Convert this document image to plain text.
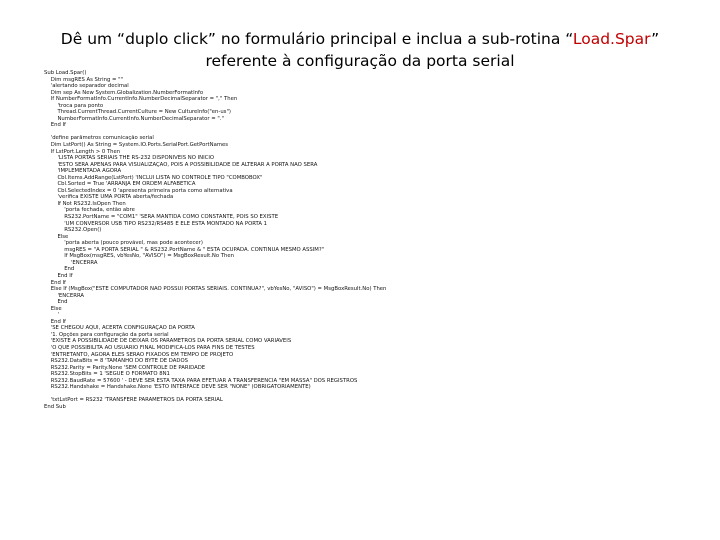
Dê um “duplo click” no formulário principal e inclua a sub-rotina “Load.Spar” referente à configuração da porta serial
Sub Load.Spar()
Dim msgRES As String = ""
'alertando separador decimal
Dim sep As New System.Globalization.NumberFormatInfo
If NumberFormatInfo.CurrentInfo.NumberDecimalSeparator = "," Then
'troca para ponto
Thread.CurrentThread.CurrentCulture = New CultureInfo("en-us")
NumberFormatInfo.CurrentInfo.NumberDecimalSeparator = "."
End If
'define parâmetros comunicação serial
Dim LstPort() As String = System.IO.Ports.SerialPort.GetPortNames
If LstPort.Length > 0 Then
'LISTA PORTAS SERIAIS THE RS-232 DISPONÍVEIS NO INÍCIO
'ESTO SERÁ APENAS PARA VISUALIZAÇÃO, POIS A POSSIBILIDADE DE ALTERAR A PORTA NÃO SERÁ
'IMPLEMENTADA AGORA
Cbl.Items.AddRange(LstPort) 'INCLUI LISTA NO CONTROLE TIPO "COMBOBOX"
Cbl.Sorted = True 'ARRANJA EM ORDEM ALFABÉTICA
Cbl.SelectedIndex = 0 'apresenta primeira porta como alternativa
'verifica EXISTE UMA PORTA aberta/fechada
If Not RS232.IsOpen Then
'porta fechada, então abre
RS232.PortName = "COM1" 'SERÁ MANTIDA COMO CONSTANTE, POIS SÓ EXISTE
'UM CONVERSOR USB TIPO RS232/RS485 E ELE ESTÁ MONTADO NA PORTA 1
RS232.Open()
Else
'porta aberta (pouco provável, mas pode acontecer)
msgRES = "A PORTA SERIAL " & RS232.PortName & " ESTÁ OCUPADA. CONTINUA MESMO ASSIM?"
If MsgBox(msgRES, vbYesNo, "AVISO") = MsgBoxResult.No Then
'ENCERRA
End
End If
End If
Else If (MsgBox("ESTE COMPUTADOR NÃO POSSUI PORTAS SERIAIS. CONTINUA?", vbYesNo, "AVISO") = MsgBoxResult.No) Then
'ENCERRA
End
Else
'
End If
'SE CHEGOU AQUI, ACERTA CONFIGURAÇÃO DA PORTA
'1. Opções para configuração da porta serial
'EXISTE A POSSIBILIDADE DE DEIXAR OS PARÂMETROS DA PORTA SERIAL COMO VARIÁVEIS
'O QUE POSSIBILITA AO USUÁRIO FINAL MODIFICÁ-LOS PARA FINS DE TESTES
'ENTRETANTO, AGORA ELES SERÃO FIXADOS EM TEMPO DE PROJETO
RS232.DataBits = 8 'TAMANHO DO BYTE DE DADOS
RS232.Parity = Parity.None 'SEM CONTROLE DE PARIDADE
RS232.StopBits = 1 'SEGUE O FORMATO 8N1
RS232.BaudRate = 57600 ' - DEVE SER ESTA TAXA PARA EFETUAR A TRANSFERÊNCIA "EM MASSA" DOS REGISTROS
RS232.Handshake = Handshake.None 'ESTO INTERFACE DEVE SER "NONE" (OBRIGATORIAMENTE)
'txtLstPort = RS232 'TRANSFERE PARÂMETROS DA PORTA SERIAL
End Sub
